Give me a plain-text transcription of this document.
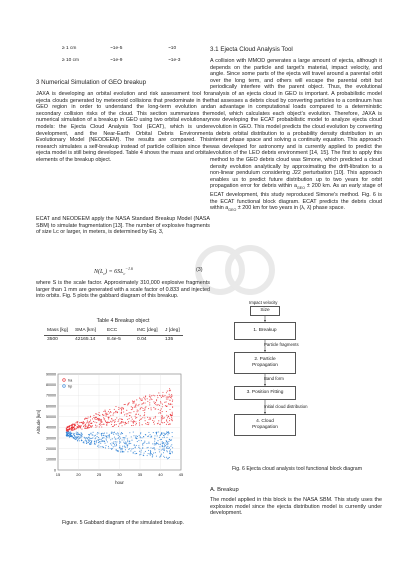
≥ 1 cm	~1e-5	~10
≥ 10 cm	~1e-9	~1e-3
3 Numerical Simulation of GEO breakup

JAXA is developing an orbital evolution and risk assessment tool for ejecta clouds generated by meteoroid collisions that predominate in the GEO region in order to understand the long-term evolution and secondary collision risks of the cloud. This section summarizes the numerical simulation of a breakup in GEO using two orbital evolutionary models: the Ejecta Cloud Analysis Tool (ECAT), which is under development, and the Near-Earth Orbital Debris Environment Evolutionary Model (NEODEEM). The results are compared. This research simulates a self-breakup instead of particle collision since the ejecta model is still being developed. Table 4 shows the mass and orbital elements of the breakup object.

ECAT and NEODEEM apply the NASA Standard Breakup Model (NASA SBM) to simulate fragmentation [13]. The number of explosive fragments of size Lc or larger, in meters, is determined by Eq. 3,

$N(L_c) = 6SL_c^{-1.6}$	(3)

where S is the scale factor. Approximately 310,000 explosive fragments larger than 1 mm are generated with a scale factor of 0.833 and injected into orbits. Fig. 5 plots the gabbard diagram of this breakup.

Table 4 Breakup object
Mass [kg]	SMA [km]	ECC	INC [deg]	J [deg]
3500	42165.14	8.4e-5	0.04	135
15	20	25	30	35	40	45
0
10000
20000
30000
40000
50000
60000
70000
80000
90000
hour
Altitude [km]
ha
hp
Figure. 5 Gabbard diagram of the simulated breakup.
3.1 Ejecta Cloud Analysis Tool

A collision with MMOD generates a large amount of ejecta, although it depends on the particle and target's material, impact velocity, and angle. Since some parts of the ejecta will travel around a parental orbit over the long term, and others will escape the parental orbit but periodically interfere with the parent object. Thus, the evolutional analysis of an ejecta cloud in GEO is important. A probabilistic model that assesses a debris cloud by converting particles to a continuum has an advantage in computational loads compared to a deterministic model, which calculates each object's evolution. Therefore, JAXA is now developing the ECAT probabilistic model to analyze ejecta cloud evolution in GEO. This model predicts the cloud evolution by converting a debris orbital distribution to a probability density distribution in an interest phase space and solving a continuity equation. This approach was developed for astronomy and is currently applied to predict the evolution of the LEO debris environment [14, 15]. The first to apply this method to the GEO debris cloud was Simone, which predicted a cloud density evolution analytically by approximating the drift-libration to a non-linear pendulum considering J22 perturbation [10]. This approach enables us to predict future distribution up to two years for orbit propagation error for debris within $a_{GEO} \pm 200$ km. As an early stage of ECAT development, this study reproduced Simone's method. Fig. 6 is the ECAT functional block diagram. ECAT predicts the debris cloud within $a_{GEO} \pm 200$ km for two years in (λ, λ̇) phase space.

Impact velocity
Size
1. Breakup
Particle fragments
2. Particle
Propagation
Band form
3. Position Fitting
Initial cloud distribution
4. Cloud
Propagation
Fig. 6 Ejecta cloud analysis tool functional block diagram
A. Breakup

The model applied in this block is the NASA SBM. This study uses the explosion model since the ejecta distribution model is currently under development.
